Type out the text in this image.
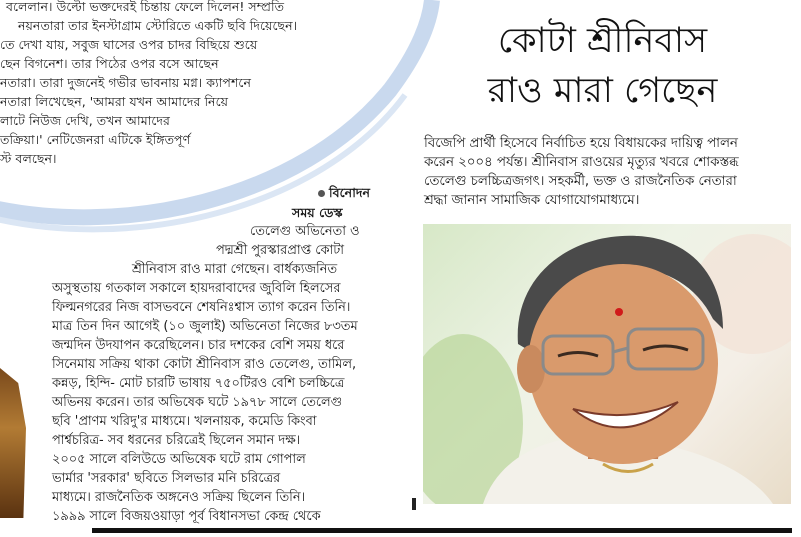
বলেলান। উল্টো ভক্তদেরই চিন্তায় ফেলে দিলেন! সম্প্রতি
নয়নতারা তার ইনস্টাগ্রাম স্টোরিতে একটি ছবি দিয়েছেন।
তে দেখা যায়, সবুজ ঘাসের ওপর চাদর বিছিয়ে শুয়ে
ছেন বিগনেশ। তার পিঠের ওপর বসে আছেন
নতারা। তারা দুজনেই গভীর ভাবনায় মগ্ন। ক্যাপশনে
নতারা লিখেছেন, 'আমরা যখন আমাদের নিয়ে
লাটে নিউজ দেখি, তখন আমাদের
তক্রিয়া।' নেটিজেনরা এটিকে ইঙ্গিতপূর্ণ
স্ট বলছেন।
কোটা শ্রীনিবাস
রাও মারা গেছেন
বিজেপি প্রার্থী হিসেবে নির্বাচিত হয়ে বিধায়কের দায়িত্ব পালন
করেন ২০০৪ পর্যন্ত। শ্রীনিবাস রাওয়ের মৃত্যুর খবরে শোকস্তব্ধ
তেলেগু চলচ্চিত্রজগৎ। সহকর্মী, ভক্ত ও রাজনৈতিক নেতারা
শ্রদ্ধা জানান সামাজিক যোগাযোগমাধ্যমে।
বিনোদন
সময় ডেস্ক
তেলেগু অভিনেতা ও
পদ্মশ্রী পুরস্কারপ্রাপ্ত কোটা
শ্রীনিবাস রাও মারা গেছেন। বার্ধক্যজনিত
অসুস্থতায় গতকাল সকালে হায়দরাবাদের জুবিলি হিলসের
ফিল্মনগরের নিজ বাসভবনে শেষনিঃশ্বাস ত্যাগ করেন তিনি।
মাত্র তিন দিন আগেই (১০ জুলাই) অভিনেতা নিজের ৮৩তম
জন্মদিন উদযাপন করেছিলেন। চার দশকের বেশি সময় ধরে
সিনেমায় সক্রিয় থাকা কোটা শ্রীনিবাস রাও তেলেগু, তামিল,
কন্নড়, হিন্দি- মোট চারটি ভাষায় ৭৫০টিরও বেশি চলচ্চিত্রে
অভিনয় করেন। তার অভিষেক ঘটে ১৯৭৮ সালে তেলেগু
ছবি 'প্রাণম খরিদু'র মাধ্যমে। খলনায়ক, কমেডি কিংবা
পার্শ্বচরিত্র- সব ধরনের চরিত্রেই ছিলেন সমান দক্ষ।
২০০৫ সালে বলিউডে অভিষেক ঘটে রাম গোপাল
ভার্মার 'সরকার' ছবিতে সিলভার মনি চরিত্রের
মাধ্যমে। রাজনৈতিক অঙ্গনেও সক্রিয় ছিলেন তিনি।
১৯৯৯ সালে বিজয়ওয়াড়া পূর্ব বিধানসভা কেন্দ্র থেকে
